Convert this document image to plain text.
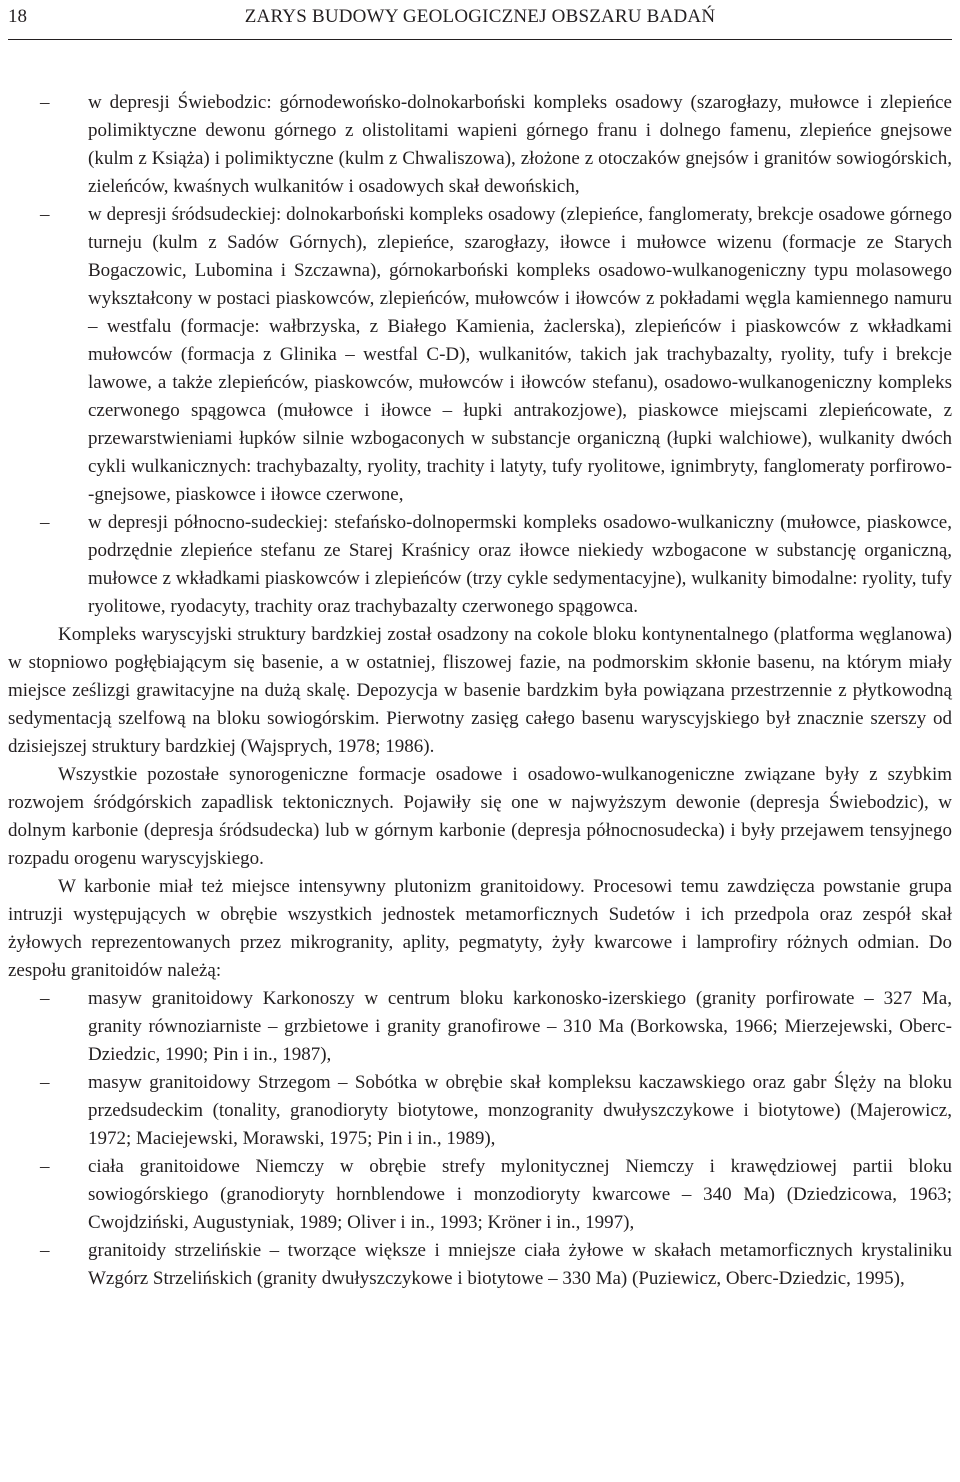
18	ZARYS BUDOWY GEOLOGICZNEJ OBSZARU BADAŃ
– w depresji Świebodzic: górnodewońsko-dolnokarboński kompleks osadowy (szarogłazy, mułowce i zlepieńce polimiktyczne dewonu górnego z olistolitami wapieni górnego franu i dolnego famenu, zlepieńce gnejsowe (kulm z Książa) i polimiktyczne (kulm z Chwaliszowa), złożone z otoczaków gnejsów i granitów sowiogórskich, zieleńców, kwaśnych wulkanitów i osadowych skał dewońskich,
– w depresji śródsudeckiej: dolnokarboński kompleks osadowy (zlepieńce, fanglomeraty, brekcje osadowe górnego turneju (kulm z Sadów Górnych), zlepieńce, szarogłazy, iłowce i mułowce wizenu (formacje ze Starych Bogaczowic, Lubomina i Szczawna), górnokarboński kompleks osadowo-wulkanogeniczny typu molasowego wykształcony w postaci piaskowców, zlepieńców, mułowców i iłowców z pokładami węgla kamiennego namuru – westfalu (formacje: wałbrzyska, z Białego Kamienia, żaclerska), zlepieńców i piaskowców z wkładkami mułowców (formacja z Glinika – westfal C-D), wulkanitów, takich jak trachybazalty, ryolity, tufy i brekcje lawowe, a także zlepieńców, piaskowców, mułowców i iłowców stefanu), osadowo-wulkanogeniczny kompleks czerwonego spągowca (mułowce i iłowce – łupki antrakozjowe), piaskowce miejscami zlepieńcowate, z przewarstwieniami łupków silnie wzbogaconych w substancje organiczną (łupki walchiowe), wulkanity dwóch cykli wulkanicznych: trachybazalty, ryolity, trachity i latyty, tufy ryolitowe, ignimbryty, fanglomeraty porfirowo--gnejsowe, piaskowce i iłowce czerwone,
– w depresji północno-sudeckiej: stefańsko-dolnopermski kompleks osadowo-wulkaniczny (mułowce, piaskowce, podrzędnie zlepieńce stefanu ze Starej Kraśnicy oraz iłowce niekiedy wzbogacone w substancję organiczną, mułowce z wkładkami piaskowców i zlepieńców (trzy cykle sedymentacyjne), wulkanity bimodalne: ryolity, tufy ryolitowe, ryodacyty, trachity oraz trachybazalty czerwonego spągowca.

Kompleks waryscyjski struktury bardzkiej został osadzony na cokole bloku kontynentalnego (platforma węglanowa) w stopniowo pogłębiającym się basenie, a w ostatniej, fliszowej fazie, na podmorskim skłonie basenu, na którym miały miejsce ześlizgi grawitacyjne na dużą skalę. Depozycja w basenie bardzkim była powiązana przestrzennie z płytkowodną sedymentacją szelfową na bloku sowiogórskim. Pierwotny zasięg całego basenu waryscyjskiego był znacznie szerszy od dzisiejszej struktury bardzkiej (Wajsprych, 1978; 1986).

Wszystkie pozostałe synorogeniczne formacje osadowe i osadowo-wulkanogeniczne związane były z szybkim rozwojem śródgórskich zapadlisk tektonicznych. Pojawiły się one w najwyższym dewonie (depresja Świebodzic), w dolnym karbonie (depresja śródsudecka) lub w górnym karbonie (depresja północnosudecka) i były przejawem tensyjnego rozpadu orogenu waryscyjskiego.

W karbonie miał też miejsce intensywny plutonizm granitoidowy. Procesowi temu zawdzięcza powstanie grupa intruzji występujących w obrębie wszystkich jednostek metamorficznych Sudetów i ich przedpola oraz zespół skał żyłowych reprezentowanych przez mikrogranity, aplity, pegmatyty, żyły kwarcowe i lamprofiry różnych odmian. Do zespołu granitoidów należą:

– masyw granitoidowy Karkonoszy w centrum bloku karkonosko-izerskiego (granity porfirowate – 327 Ma, granity równoziarniste – grzbietowe i granity granofirowe – 310 Ma (Borkowska, 1966; Mierzejewski, Oberc-Dziedzic, 1990; Pin i in., 1987),
– masyw granitoidowy Strzegom – Sobótka w obrębie skał kompleksu kaczawskiego oraz gabr Ślęży na bloku przedsudeckim (tonality, granodioryty biotytowe, monzogranity dwułyszczykowe i biotytowe) (Majerowicz, 1972; Maciejewski, Morawski, 1975; Pin i in., 1989),
– ciała granitoidowe Niemczy w obrębie strefy mylonitycznej Niemczy i krawędziowej partii bloku sowiogórskiego (granodioryty hornblendowe i monzodioryty kwarcowe – 340 Ma) (Dziedzicowa, 1963; Cwojdziński, Augustyniak, 1989; Oliver i in., 1993; Kröner i in., 1997),
– granitoidy strzelińskie – tworzące większe i mniejsze ciała żyłowe w skałach metamorficznych krystaliniku Wzgórz Strzelińskich (granity dwułyszczykowe i biotytowe – 330 Ma) (Puziewicz, Oberc-Dziedzic, 1995),
